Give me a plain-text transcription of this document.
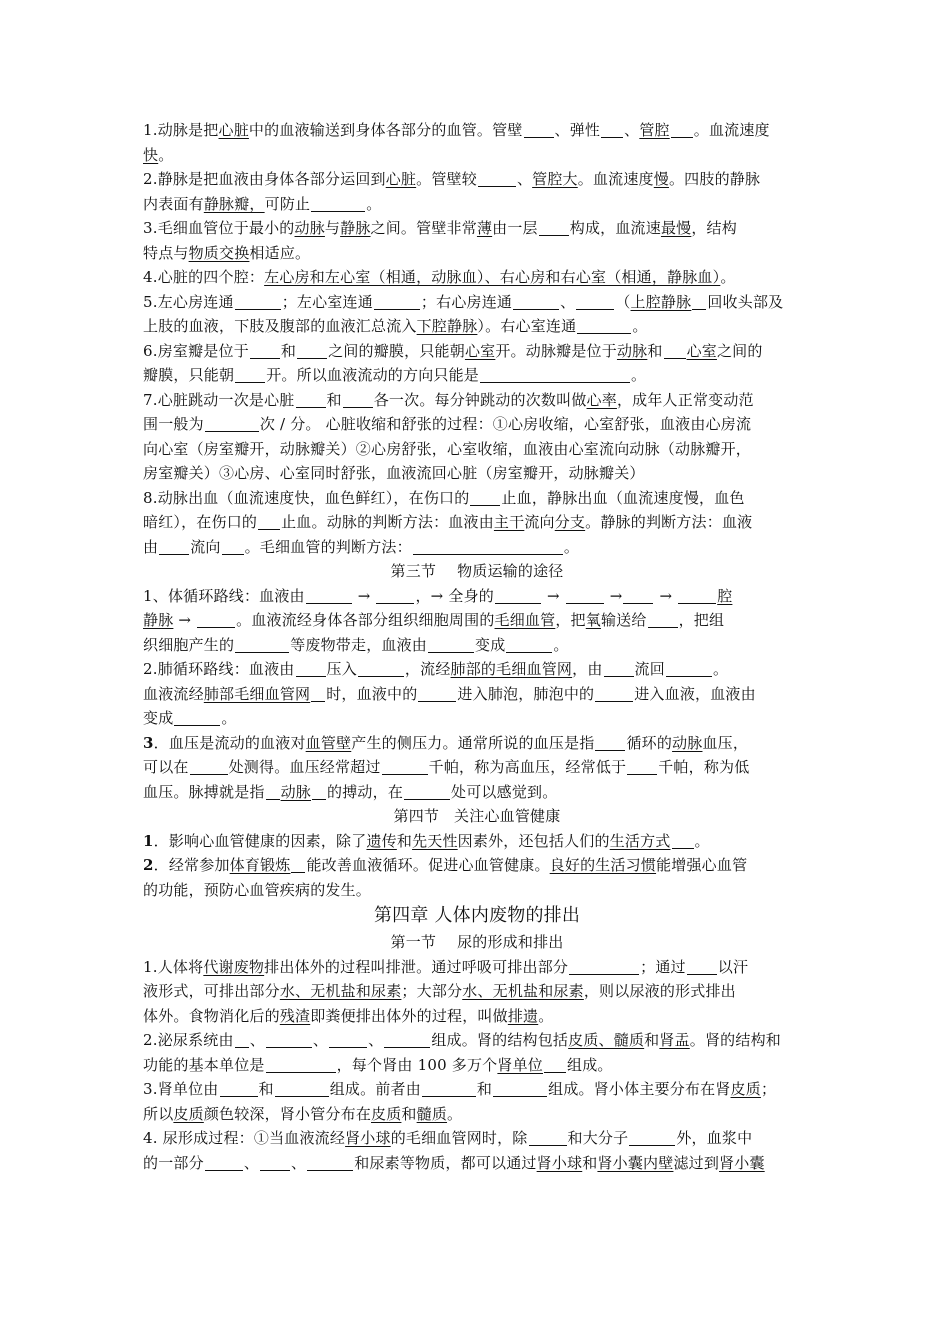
1.动脉是把心脏中的血液输送到身体各部分的血管。管壁 、弹性 、管腔 。血流速度
快。
2.静脉是把血液由身体各部分运回到心脏。管壁较	、管腔大。血流速度慢。四肢的静脉
内表面有静脉瓣，可防止	。
3.毛细血管位于最小的动脉与静脉之间。管壁非常薄由一层 构成，血流速最慢，结构
特点与物质交换相适应。
4.心脏的四个腔：左心房和左心室（相通，动脉血）、右心房和右心室（相通，静脉血）。
5.左心房连通	；左心室连通	；右心房连通	、	（上腔静脉 回收头部及
上肢的血液，下肢及腹部的血液汇总流入下腔静脉）。右心室连通	。
6.房室瓣是位于 和 之间的瓣膜，只能朝心室开。动脉瓣是位于动脉和 心室之间的
瓣膜，只能朝 开。所以血液流动的方向只能是	。
7.心脏跳动一次是心脏 和 各一次。每分钟跳动的次数叫做心率，成年人正常变动范
围一般为	次 / 分。 心脏收缩和舒张的过程：①心房收缩，心室舒张，血液由心房流
向心室（房室瓣开，动脉瓣关）②心房舒张，心室收缩，血液由心室流向动脉（动脉瓣开，
房室瓣关）③心房、心室同时舒张，血液流回心脏（房室瓣开，动脉瓣关）
8.动脉出血（血流速度快，血色鲜红），在伤口的 止血，静脉出血（血流速度慢，血色
暗红），在伤口的 止血。动脉的判断方法：血液由主干流向分支。静脉的判断方法：血液
由 流向 。毛细血管的判断方法：	。
第三节 物质运输的途径
1、体循环路线：血液由	→	，→ 全身的	→	→ →	腔
静脉 →	。血液流经身体各部分组织细胞周围的毛细血管，把氧输送给 ，把组
织细胞产生的	等废物带走，血液由	变成	。
2.肺循环路线：血液由 压入	，流经肺部的毛细血管网，由 流回	。
血液流经肺部毛细血管网 时，血液中的	进入肺泡，肺泡中的	进入血液，血液由
变成	。
3．血压是流动的血液对血管壁产生的侧压力。通常所说的血压是指 循环的动脉血压，
可以在	处测得。血压经常超过	千帕，称为高血压，经常低于 千帕，称为低
血压。脉搏就是指 动脉 的搏动，在	处可以感觉到。
第四节 关注心血管健康
1．影响心血管健康的因素，除了遗传和先天性因素外，还包括人们的生活方式 。
2．经常参加体育锻炼 能改善血液循环。促进心血管健康。良好的生活习惯能增强心血管
的功能，预防心血管疾病的发生。
第四章 人体内废物的排出
第一节 尿的形成和排出
1.人体将代谢废物排出体外的过程叫排泄。通过呼吸可排出部分	；通过 以汗
液形式，可排出部分水、无机盐和尿素；大部分水、无机盐和尿素，则以尿液的形式排出
体外。食物消化后的残渣即粪便排出体外的过程，叫做排遗。
2.泌尿系统由 、	、	、	组成。肾的结构包括皮质、髓质和肾盂。肾的结构和
功能的基本单位是	，每个肾由 100 多万个肾单位 组成。
3.肾单位由	和	组成。前者由	和	组成。肾小体主要分布在肾皮质；
所以皮质颜色较深，肾小管分布在皮质和髓质。
4. 尿形成过程：①当血液流经肾小球的毛细血管网时，除	和大分子	外，血浆中
的一部分	、 、	和尿素等物质，都可以通过肾小球和肾小囊内壁滤过到肾小囊
